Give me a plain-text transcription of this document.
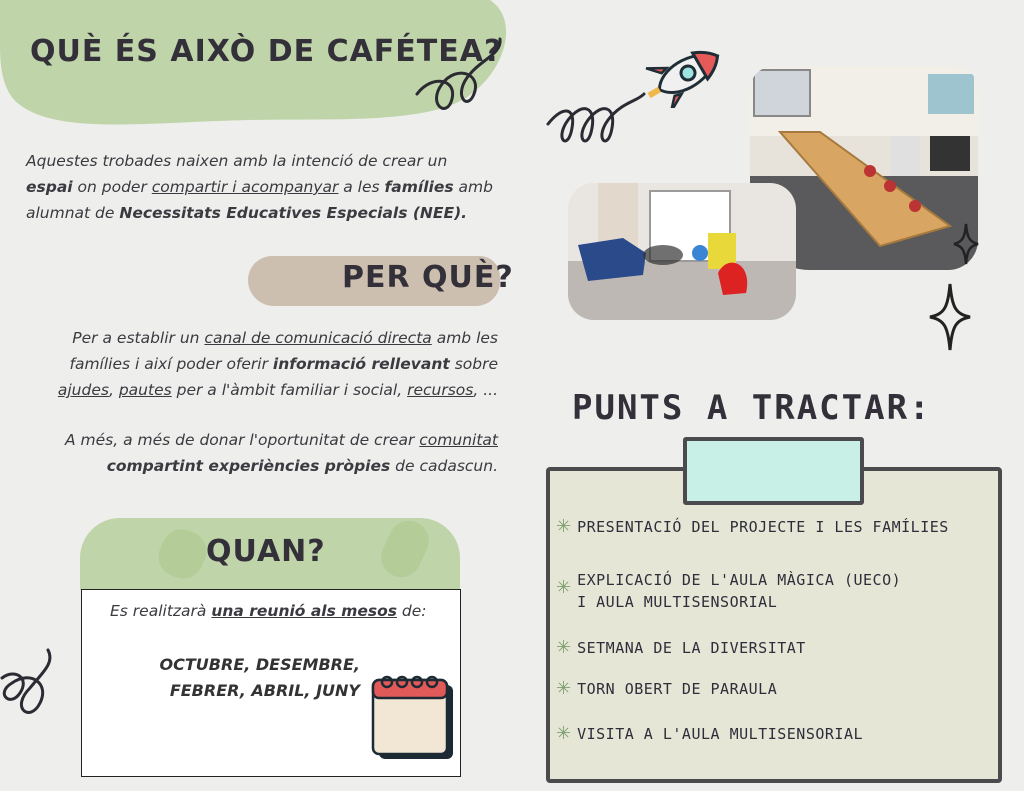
QUÈ ÉS AIXÒ DE CAFÉTEA?
Aquestes trobades naixen amb la intenció de crear un
espai on poder compartir i acompanyar a les famílies amb
alumnat de Necessitats Educatives Especials (NEE).
PER QUÈ?
Per a establir un canal de comunicació directa amb les
famílies i així poder oferir informació rellevant sobre
ajudes, pautes per a l'àmbit familiar i social, recursos, ...
A més, a més de donar l'oportunitat de crear comunitat
compartint experiències pròpies de cadascun.
QUAN?
Es realitzarà una reunió als mesos de:
OCTUBRE, DESEMBRE,
FEBRER, ABRIL, JUNY
PUNTS A TRACTAR:
✳ PRESENTACIÓ DEL PROJECTE I LES FAMÍLIES
✳ EXPLICACIÓ DE L'AULA MÀGICA (UECO)
I AULA MULTISENSORIAL
✳ SETMANA DE LA DIVERSITAT
✳ TORN OBERT DE PARAULA
✳ VISITA A L'AULA MULTISENSORIAL
